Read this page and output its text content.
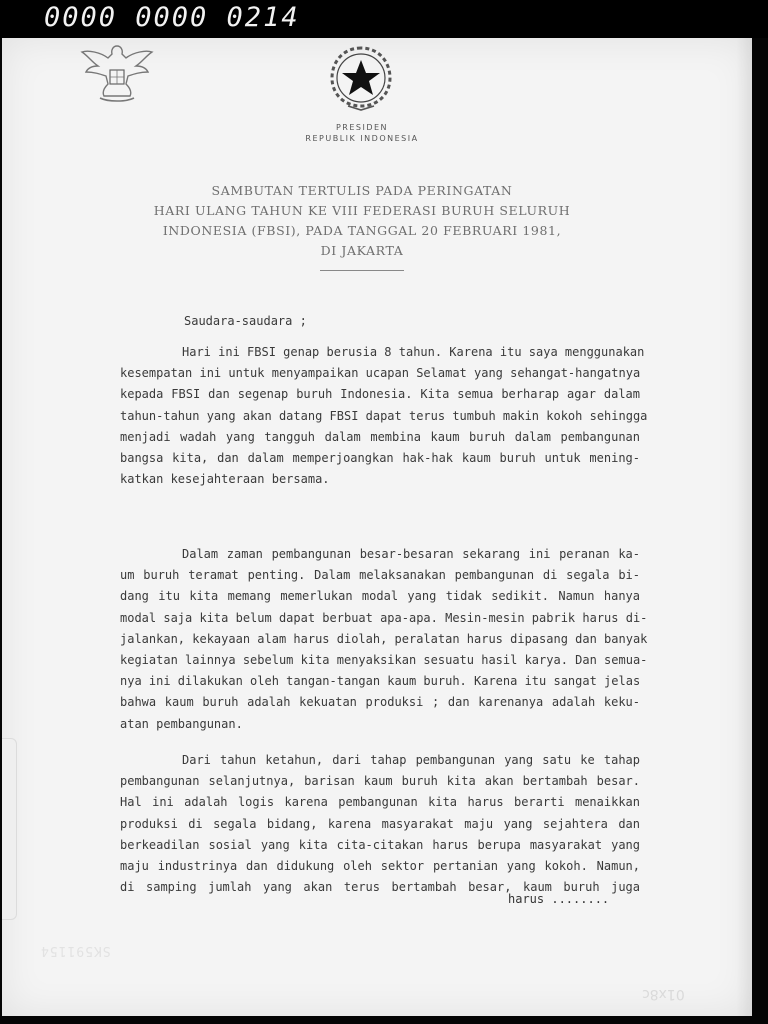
0000 0000 0214
PRESIDEN
REPUBLIK INDONESIA
SAMBUTAN TERTULIS PADA PERINGATAN
HARI ULANG TAHUN KE VIII FEDERASI BURUH SELURUH
INDONESIA (FBSI), PADA TANGGAL 20 FEBRUARI 1981,
DI JAKARTA
Saudara-saudara ;
Hari ini FBSI genap berusia 8 tahun. Karena itu saya menggunakan
kesempatan ini untuk menyampaikan ucapan Selamat yang sehangat-hangatnya
kepada FBSI dan segenap buruh Indonesia. Kita semua berharap agar dalam
tahun-tahun yang akan datang FBSI dapat terus tumbuh makin kokoh sehingga
menjadi wadah yang tangguh dalam membina kaum buruh dalam pembangunan
bangsa kita, dan dalam memperjoangkan hak-hak kaum buruh untuk mening-
katkan kesejahteraan bersama.
Dalam zaman pembangunan besar-besaran sekarang ini peranan ka-
um buruh teramat penting. Dalam melaksanakan pembangunan di segala bi-
dang itu kita memang memerlukan modal yang tidak sedikit. Namun hanya
modal saja kita belum dapat berbuat apa-apa. Mesin-mesin pabrik harus di-
jalankan, kekayaan alam harus diolah, peralatan harus dipasang dan banyak
kegiatan lainnya sebelum kita menyaksikan sesuatu hasil karya. Dan semua-
nya ini dilakukan oleh tangan-tangan kaum buruh. Karena itu sangat jelas
bahwa kaum buruh adalah kekuatan produksi ; dan karenanya adalah keku-
atan pembangunan.
Dari tahun ketahun, dari tahap pembangunan yang satu ke tahap
pembangunan selanjutnya, barisan kaum buruh kita akan bertambah besar.
Hal ini adalah logis karena pembangunan kita harus berarti menaikkan
produksi di segala bidang, karena masyarakat maju yang sejahtera dan
berkeadilan sosial yang kita cita-citakan harus berupa masyarakat yang
maju industrinya dan didukung oleh sektor pertanian yang kokoh. Namun,
di samping jumlah yang akan terus bertambah besar, kaum buruh juga
harus ........
SK591154
01x8c
